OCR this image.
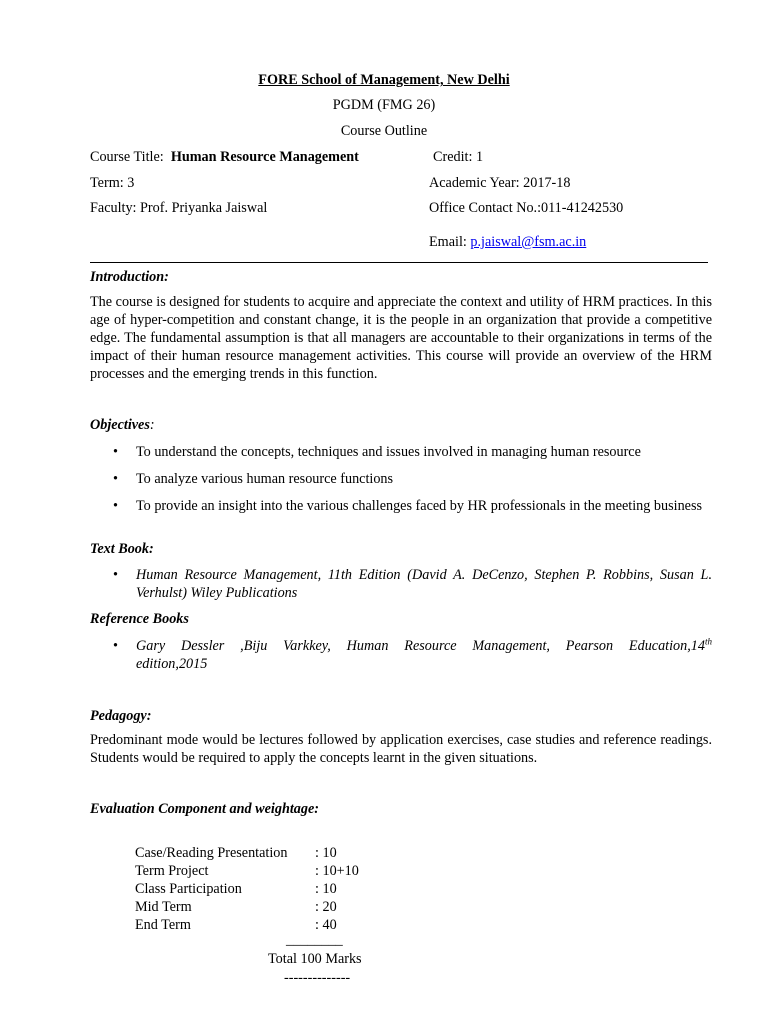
FORE School of Management, New Delhi
PGDM (FMG 26)
Course Outline
Course Title: Human Resource Management	Credit: 1
Term: 3	Academic Year: 2017-18
Faculty: Prof. Priyanka Jaiswal	Office Contact No.:011-41242530
Email: p.jaiswal@fsm.ac.in
Introduction:
The course is designed for students to acquire and appreciate the context and utility of HRM practices. In this age of hyper-competition and constant change, it is the people in an organization that provide a competitive edge. The fundamental assumption is that all managers are accountable to their organizations in terms of the impact of their human resource management activities. This course will provide an overview of the HRM processes and the emerging trends in this function.
Objectives:
• To understand the concepts, techniques and issues involved in managing human resource
• To analyze various human resource functions
• To provide an insight into the various challenges faced by HR professionals in the meeting business
Text Book:
• Human Resource Management, 11th Edition (David A. DeCenzo, Stephen P. Robbins, Susan L. Verhulst) Wiley Publications
Reference Books
• Gary Dessler ,Biju Varkkey, Human Resource Management, Pearson Education,14th
edition,2015
Pedagogy:
Predominant mode would be lectures followed by application exercises, case studies and reference readings. Students would be required to apply the concepts learnt in the given situations.
Evaluation Component and weightage:
Case/Reading Presentation : 10
Term Project	: 10+10
Class Participation	: 10
Mid Term	: 20
End Term	: 40
________
Total 100 Marks
--------------
